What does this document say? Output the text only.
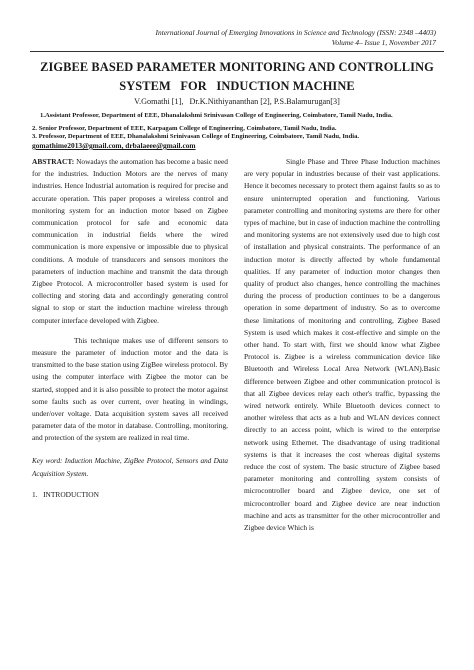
International Journal of Emerging Innovations in Science and Technology (ISSN: 2348 –4403)
Volume 4– Issue 1, November 2017
ZIGBEE BASED PARAMETER MONITORING AND CONTROLLING
SYSTEM   FOR   INDUCTION MACHINE
V.Gomathi [1],   Dr.K.Nithiyananthan [2], P.S.Balamurugan[3]
1.Assistant Professor, Department of EEE, Dhanalakshmi Srinivasan College of Engineering, Coimbatore, Tamil Nadu, India.
2. Senior Professor, Department of EEE, Karpagam College of Engineering, Coimbatore, Tamil Nadu, India.
3. Professor, Department of EEE, Dhanalakshmi Srinivasan College of Engineering, Coimbatore, Tamil Nadu, India.
gomathime2013@gmail.com, drbalaeee@gmail.com

ABSTRACT: Nowadays the automation has become a basic need for the industries. Induction Motors are the nerves of many industries. Hence Industrial automation is required for precise and accurate operation. This paper proposes a wireless control and monitoring system for an induction motor based on Zigbee communication protocol for safe and economic data communication in industrial fields where the wired communication is more expensive or impossible due to physical conditions. A module of transducers and sensors monitors the parameters of induction machine and transmit the data through Zigbee Protocol. A microcontroller based system is used for collecting and storing data and accordingly generating control signal to stop or start the induction machine wireless through computer interface developed with Zigbee.

This technique makes use of different sensors to measure the parameter of induction motor and the data is transmitted to the base station using ZigBee wireless protocol. By using the computer interface with Zigbee the motor can be started, stopped and it is also possible to protect the motor against some faults such as over current, over heating in windings, under/over voltage. Data acquisition system saves all received parameter data of the motor in database. Controlling, monitoring, and protection of the system are realized in real time.

Key word: Induction Machine, ZigBee Protocol, Sensors and Data Acquisition System.

1.   INTRODUCTION

Single Phase and Three Phase Induction machines are very popular in industries because of their vast applications. Hence it becomes necessary to protect them against faults so as to ensure uninterrupted operation and functioning. Various parameter controlling and monitoring systems are there for other types of machine, but in case of induction machine the controlling and monitoring systems are not extensively used due to high cost of installation and physical constraints. The performance of an induction motor is directly affected by whole fundamental qualities. If any parameter of induction motor changes then quality of product also changes, hence controlling the machines during the process of production continues to be a dangerous operation in some department of industry. So as to overcome these limitations of monitoring and controlling, Zigbee Based System is used which makes it cost-effective and simple on the other hand. To start with, first we should know what Zigbee Protocol is. Zigbee is a wireless communication device like Bluetooth and Wireless Local Area Network (WLAN).Basic difference between Zigbee and other communication protocol is that all Zigbee devices relay each other's traffic, bypassing the wired network entirely. While Bluetooth devices connect to another wireless that acts as a hub and WLAN devices connect directly to an access point, which is wired to the enterprise network using Ethernet. The disadvantage of using traditional systems is that it increases the cost whereas digital systems reduce the cost of system. The basic structure of Zigbee based parameter monitoring and controlling system consists of microcontroller board and Zigbee device, one set of microcontroller board and Zigbee device are near induction machine and acts as transmitter for the other microcontroller and Zigbee device Which is
